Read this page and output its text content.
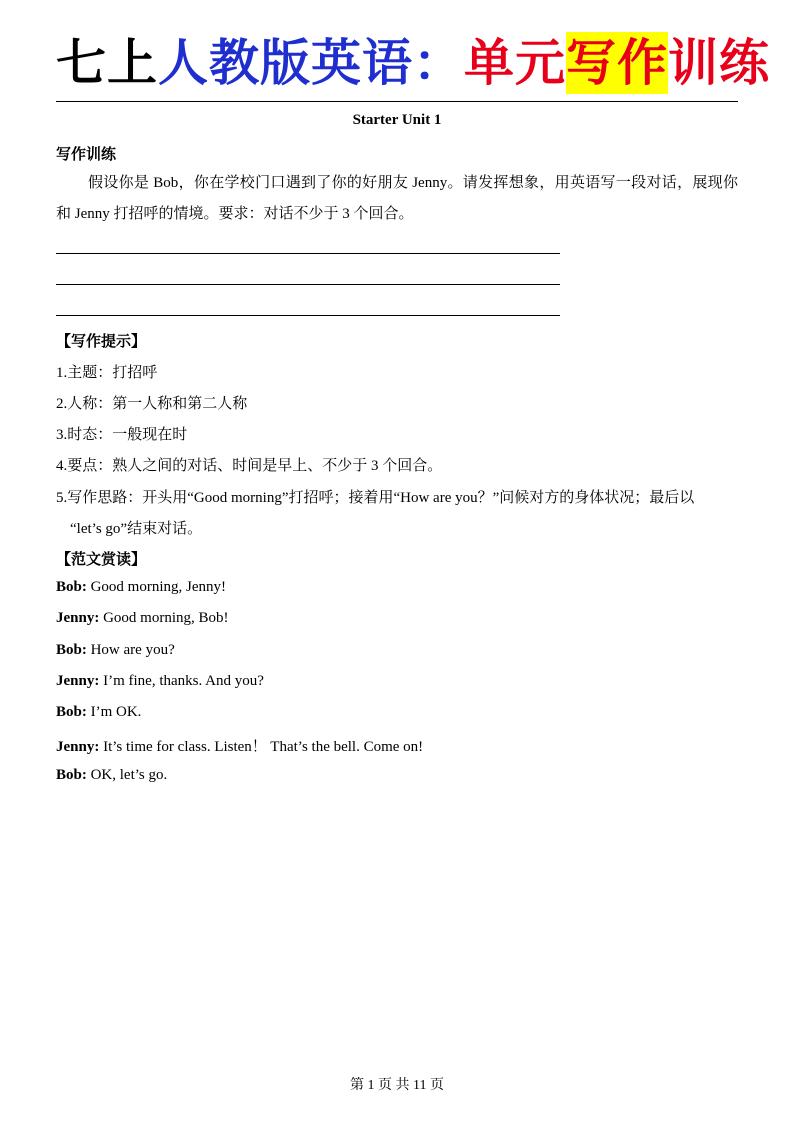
七上人教版英语：单元写作训练
Starter Unit 1
写作训练
假设你是 Bob，你在学校门口遇到了你的好朋友 Jenny。请发挥想象，用英语写一段对话，展现你和 Jenny 打招呼的情境。要求：对话不少于 3 个回合。
【写作提示】
1.主题：打招呼
2.人称：第一人称和第二人称
3.时态：一般现在时
4.要点：熟人之间的对话、时间是早上、不少于 3 个回合。
5.写作思路：开头用“Good morning”打招呼；接着用“How are you？”问候对方的身体状况；最后以
“let’s go”结束对话。
【范文赏读】
Bob: Good morning, Jenny!
Jenny: Good morning, Bob!
Bob: How are you?
Jenny: I’m fine, thanks. And you?
Bob: I’m OK.
Jenny: It’s time for class. Listen！ That’s the bell. Come on!
Bob: OK, let’s go.
第 1 页 共 11 页
